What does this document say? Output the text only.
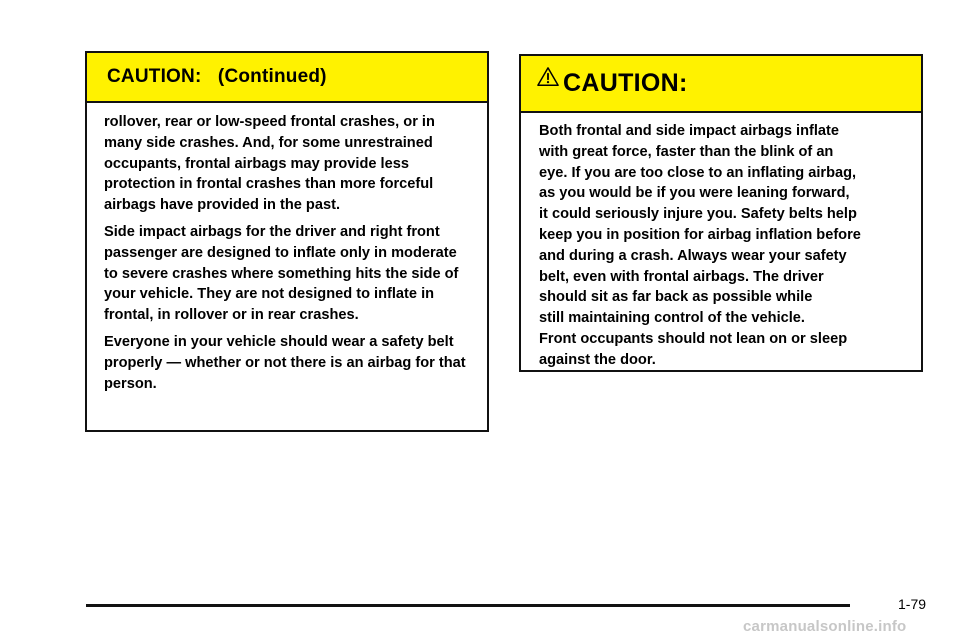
CAUTION:   (Continued)

rollover, rear or low-speed frontal crashes, or in many side crashes. And, for some unrestrained occupants, frontal airbags may provide less protection in frontal crashes than more forceful airbags have provided in the past.

Side impact airbags for the driver and right front passenger are designed to inflate only in moderate to severe crashes where something hits the side of your vehicle. They are not designed to inflate in frontal, in rollover or in rear crashes.

Everyone in your vehicle should wear a safety belt properly — whether or not there is an airbag for that person.

CAUTION:
Both frontal and side impact airbags inflate
with great force, faster than the blink of an
eye. If you are too close to an inflating airbag,
as you would be if you were leaning forward,
it could seriously injure you. Safety belts help
keep you in position for airbag inflation before
and during a crash. Always wear your safety
belt, even with frontal airbags. The driver
should sit as far back as possible while
still maintaining control of the vehicle.
Front occupants should not lean on or sleep
against the door.
1-79
carmanualsonline.info
